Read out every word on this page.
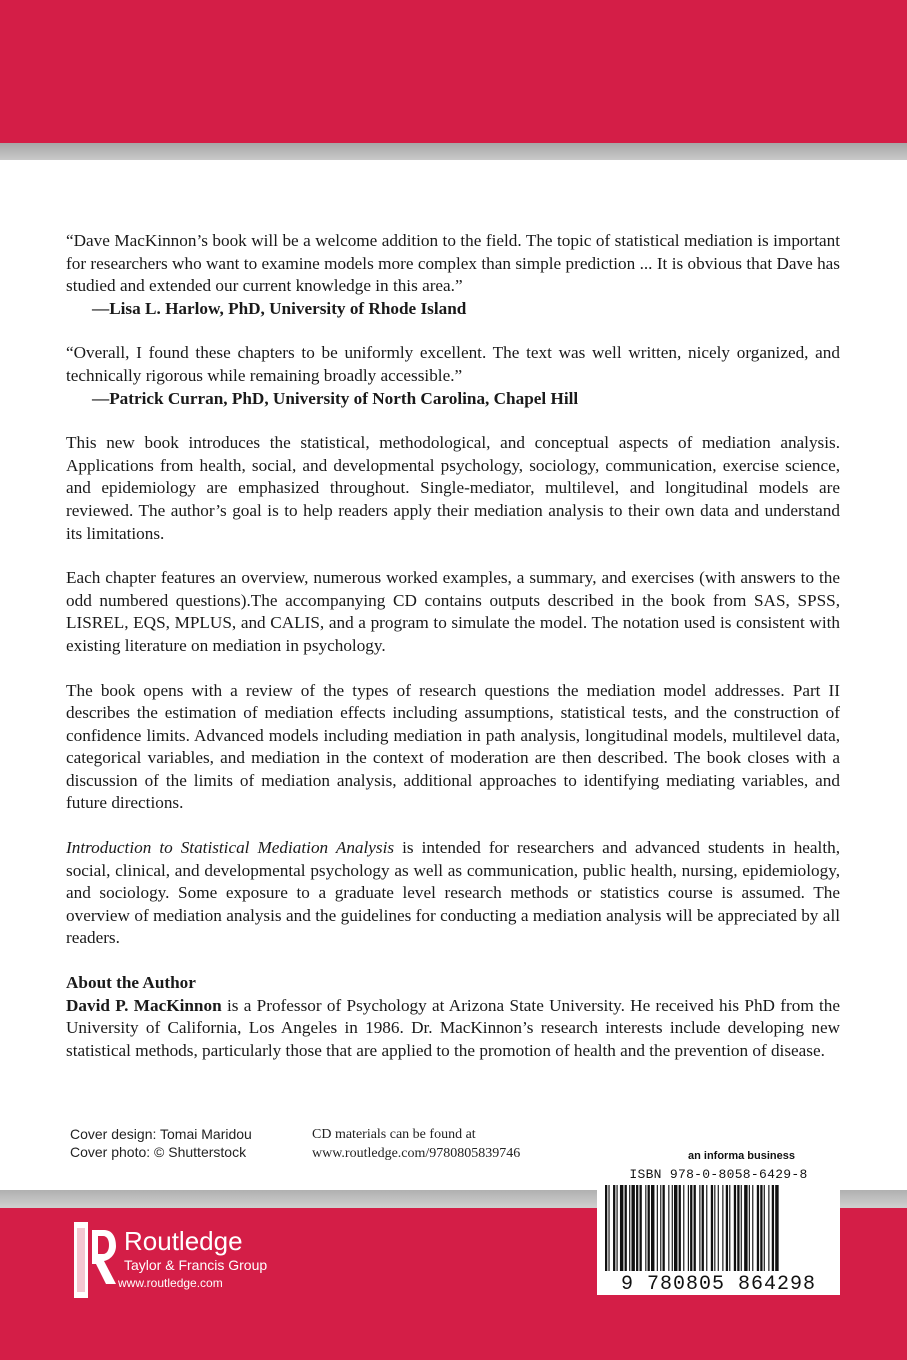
“Dave MacKinnon’s book will be a welcome addition to the field. The topic of statistical mediation is important for researchers who want to examine models more complex than simple prediction ... It is obvious that Dave has studied and extended our current knowledge in this area.”

—Lisa L. Harlow, PhD, University of Rhode Island

“Overall, I found these chapters to be uniformly excellent. The text was well written, nicely organized, and technically rigorous while remaining broadly accessible.”

—Patrick Curran, PhD, University of North Carolina, Chapel Hill

This new book introduces the statistical, methodological, and conceptual aspects of mediation analysis. Applications from health, social, and developmental psychology, sociology, communication, exercise science, and epidemiology are emphasized throughout. Single-mediator, multilevel, and longitudinal models are reviewed. The author’s goal is to help readers apply their mediation analysis to their own data and understand its limitations.

Each chapter features an overview, numerous worked examples, a summary, and exercises (with answers to the odd numbered questions).The accompanying CD contains outputs described in the book from SAS, SPSS, LISREL, EQS, MPLUS, and CALIS, and a program to simulate the model. The notation used is consistent with existing literature on mediation in psychology.

The book opens with a review of the types of research questions the mediation model addresses. Part II describes the estimation of mediation effects including assumptions, statistical tests, and the construction of confidence limits. Advanced models including mediation in path analysis, longitudinal models, multilevel data, categorical variables, and mediation in the context of moderation are then described. The book closes with a discussion of the limits of mediation analysis, additional approaches to identifying mediating variables, and future directions.

Introduction to Statistical Mediation Analysis is intended for researchers and advanced students in health, social, clinical, and developmental psychology as well as communication, public health, nursing, epidemiology, and sociology. Some exposure to a graduate level research methods or statistics course is assumed. The overview of mediation analysis and the guidelines for conducting a mediation analysis will be appreciated by all readers.

About the Author

David P. MacKinnon is a Professor of Psychology at Arizona State University. He received his PhD from the University of California, Los Angeles in 1986. Dr. MacKinnon’s research interests include developing new statistical methods, particularly those that are applied to the promotion of health and the prevention of disease.

Cover design: Tomai Maridou
Cover photo: © Shutterstock
CD materials can be found at
www.routledge.com/9780805839746	an informa business
ISBN 978-0-8058-6429-8
9 780805 864298
Routledge
Taylor & Francis Group
www.routledge.com
